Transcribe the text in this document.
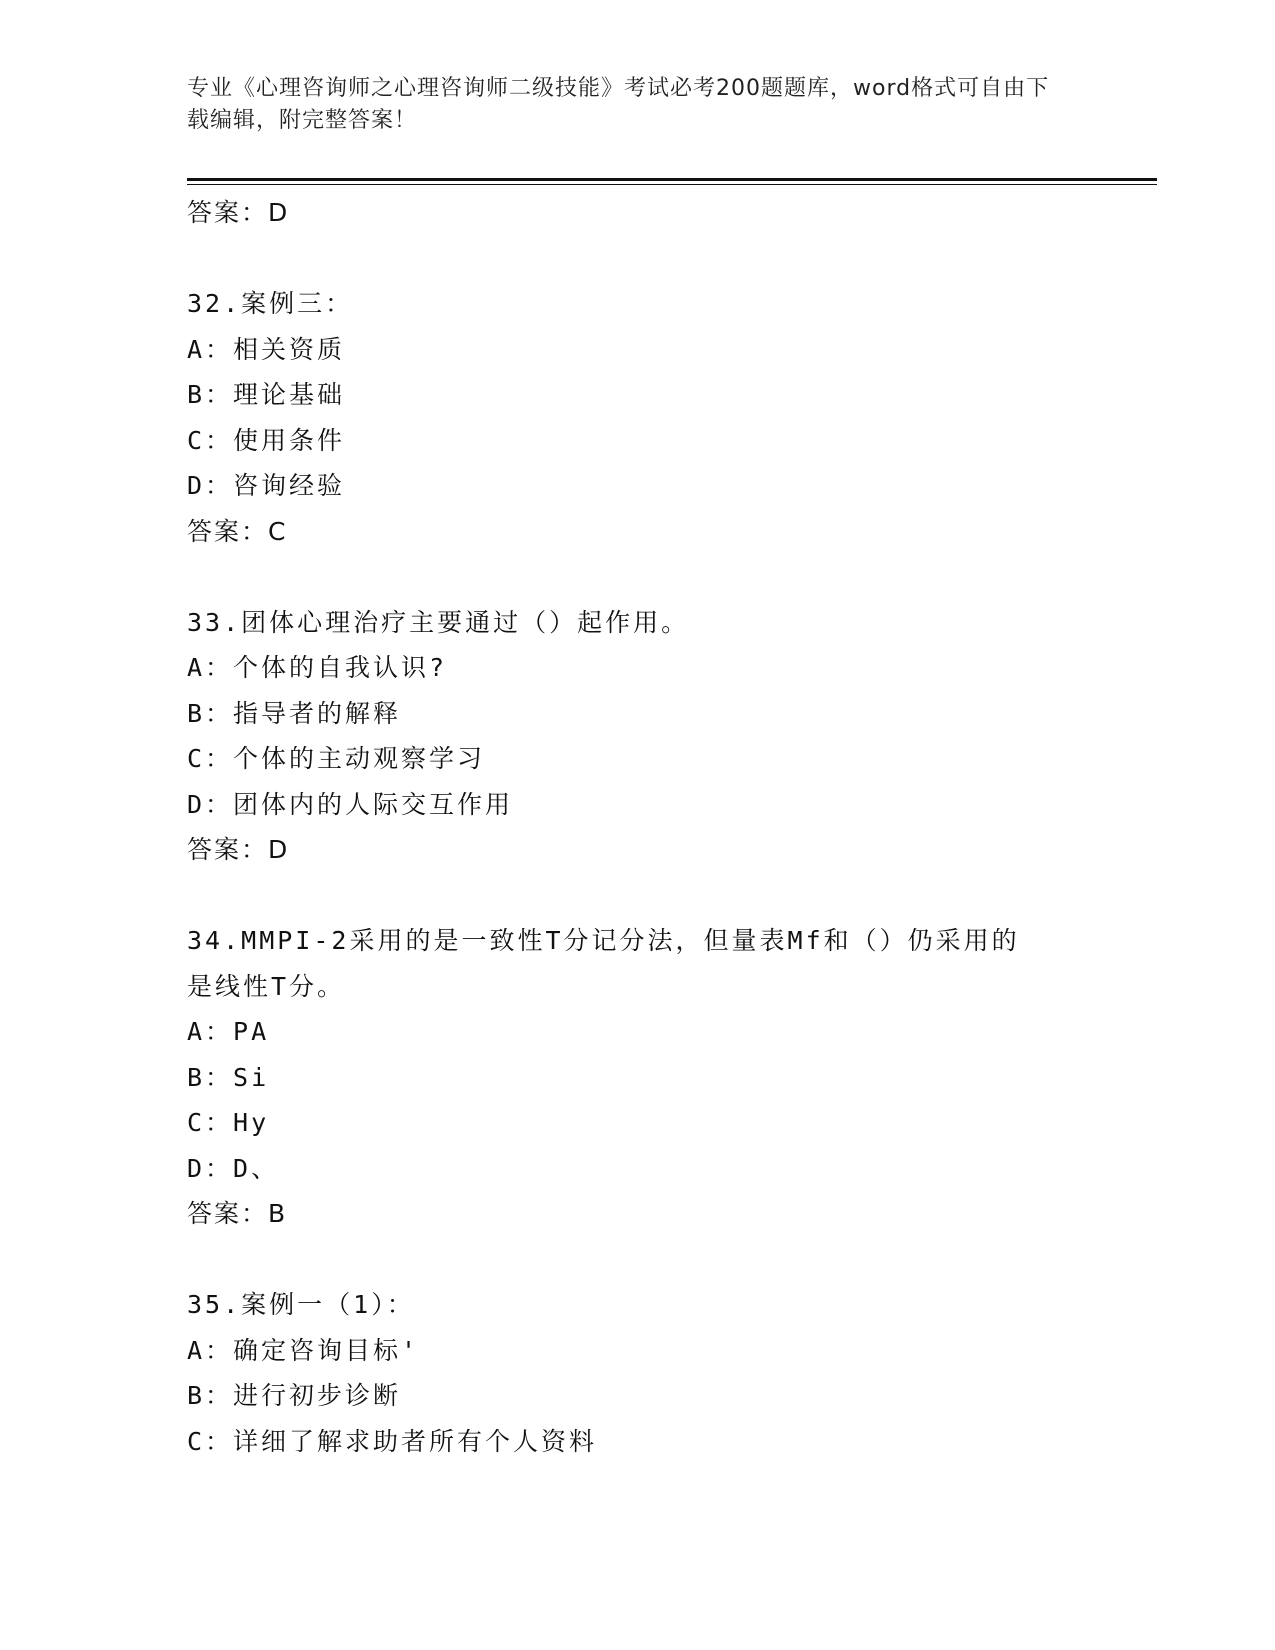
专业《心理咨询师之心理咨询师二级技能》考试必考200题题库，word格式可自由下载编辑，附完整答案！
答案：D
32.案例三：
A：相关资质
B：理论基础
C：使用条件
D：咨询经验
答案：C
33.团体心理治疗主要通过（）起作用。
A：个体的自我认识?
B：指导者的解释
C：个体的主动观察学习
D：团体内的人际交互作用
答案：D
34.MMPI-2采用的是一致性T分记分法，但量表Mf和（）仍采用的是线性T分。
A：PA
B：Si
C：Hy
D：D、
答案：B
35.案例一（1）：
A：确定咨询目标'
B：进行初步诊断
C：详细了解求助者所有个人资料
